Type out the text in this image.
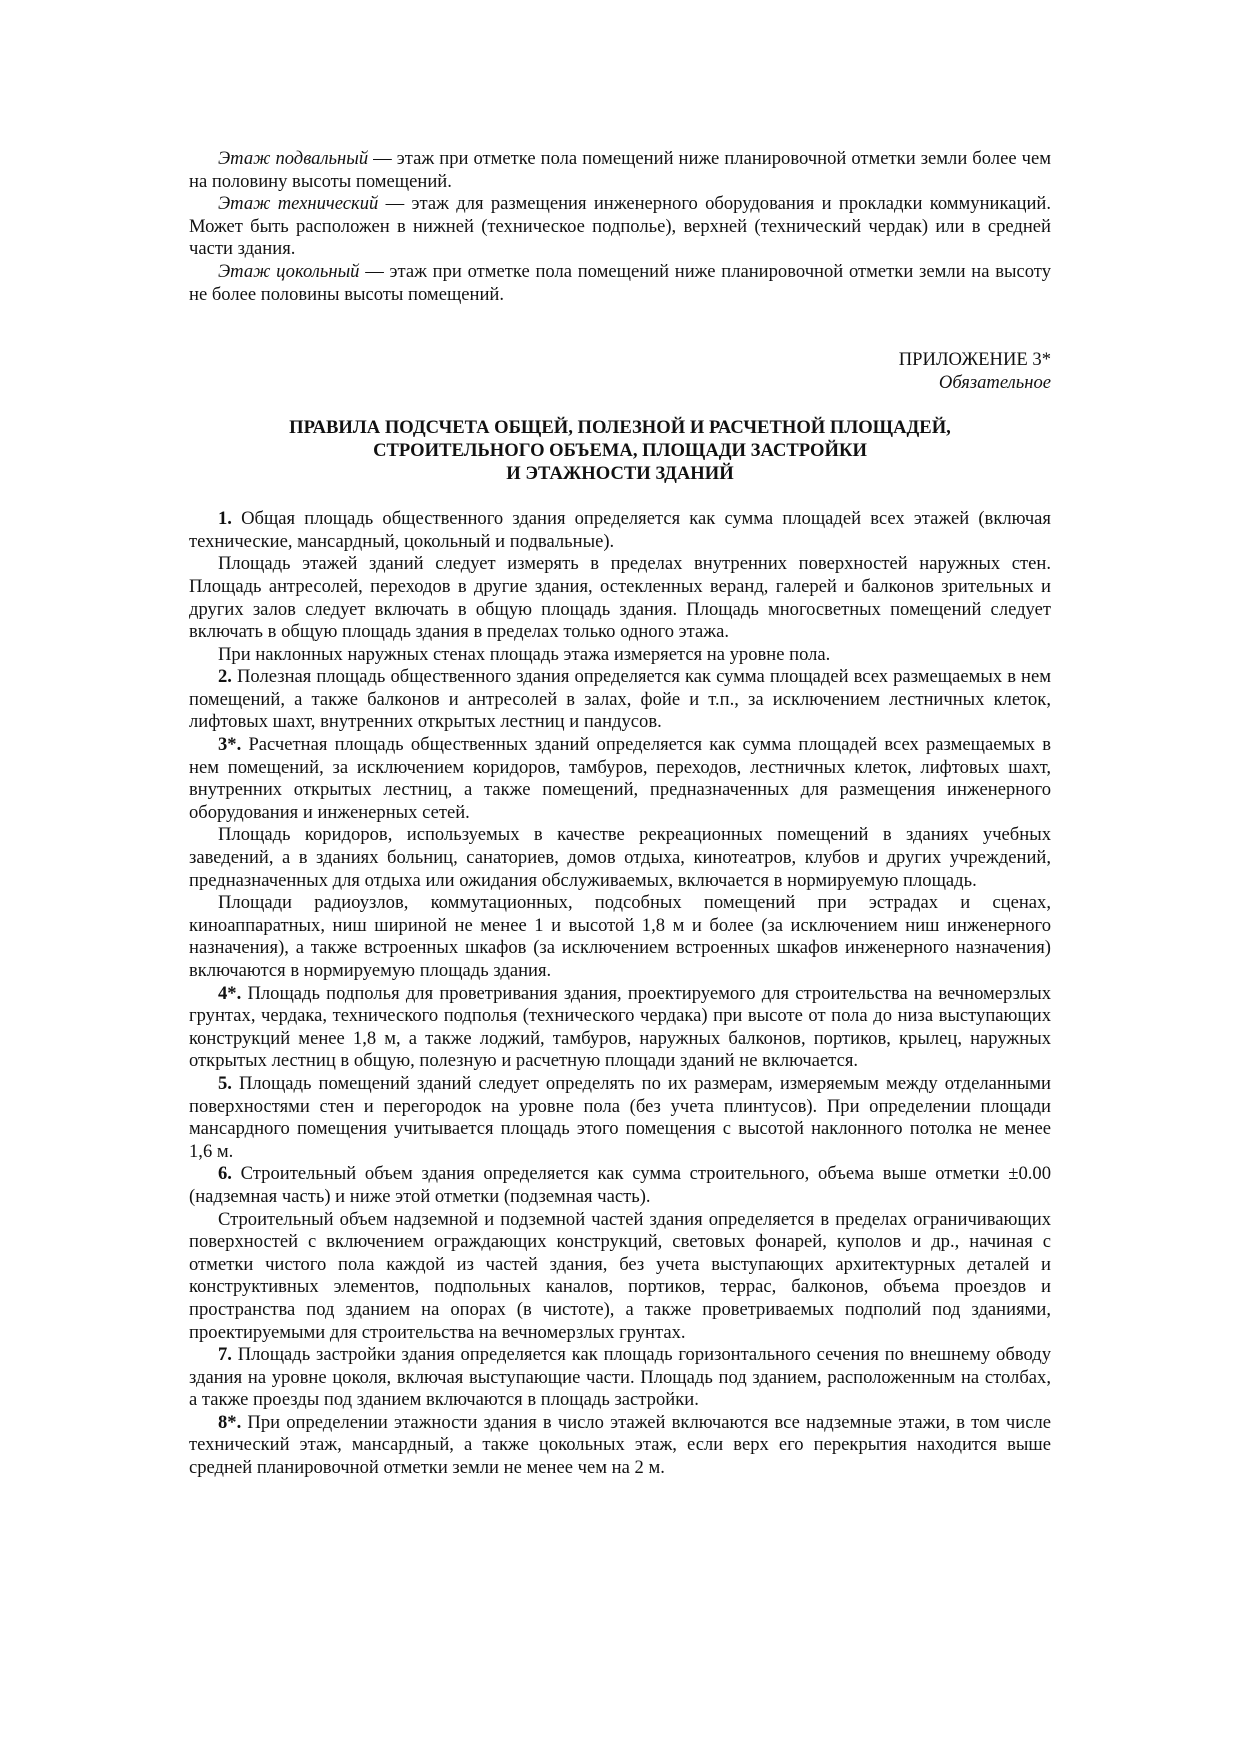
Этаж подвальный — этаж при отметке пола помещений ниже планировочной отметки земли более чем на половину высоты помещений.

Этаж технический — этаж для размещения инженерного оборудования и прокладки коммуникаций. Может быть расположен в нижней (техническое подполье), верхней (технический чердак) или в средней части здания.

Этаж цокольный — этаж при отметке пола помещений ниже планировочной отметки земли на высоту не более половины высоты помещений.

ПРИЛОЖЕНИЕ 3*
Обязательное
ПРАВИЛА ПОДСЧЕТА ОБЩЕЙ, ПОЛЕЗНОЙ И РАСЧЕТНОЙ ПЛОЩАДЕЙ,
СТРОИТЕЛЬНОГО ОБЪЕМА, ПЛОЩАДИ ЗАСТРОЙКИ
И ЭТАЖНОСТИ ЗДАНИЙ

1. Общая площадь общественного здания определяется как сумма площадей всех этажей (включая технические, мансардный, цокольный и подвальные).

Площадь этажей зданий следует измерять в пределах внутренних поверхностей наружных стен. Площадь антресолей, переходов в другие здания, остекленных веранд, галерей и балконов зрительных и других залов следует включать в общую площадь здания. Площадь многосветных помещений следует включать в общую площадь здания в пределах только одного этажа.

При наклонных наружных стенах площадь этажа измеряется на уровне пола.

2. Полезная площадь общественного здания определяется как сумма площадей всех размещаемых в нем помещений, а также балконов и антресолей в залах, фойе и т.п., за исключением лестничных клеток, лифтовых шахт, внутренних открытых лестниц и пандусов.

3*. Расчетная площадь общественных зданий определяется как сумма площадей всех размещаемых в нем помещений, за исключением коридоров, тамбуров, переходов, лестничных клеток, лифтовых шахт, внутренних открытых лестниц, а также помещений, предназначенных для размещения инженерного оборудования и инженерных сетей.

Площадь коридоров, используемых в качестве рекреационных помещений в зданиях учебных заведений, а в зданиях больниц, санаториев, домов отдыха, кинотеатров, клубов и других учреждений, предназначенных для отдыха или ожидания обслуживаемых, включается в нормируемую площадь.

Площади радиоузлов, коммутационных, подсобных помещений при эстрадах и сценах, киноаппаратных, ниш шириной не менее 1 и высотой 1,8 м и более (за исключением ниш инженерного назначения), а также встроенных шкафов (за исключением встроенных шкафов инженерного назначения) включаются в нормируемую площадь здания.

4*. Площадь подполья для проветривания здания, проектируемого для строительства на вечномерзлых грунтах, чердака, технического подполья (технического чердака) при высоте от пола до низа выступающих конструкций менее 1,8 м, а также лоджий, тамбуров, наружных балконов, портиков, крылец, наружных открытых лестниц в общую, полезную и расчетную площади зданий не включается.

5. Площадь помещений зданий следует определять по их размерам, измеряемым между отделанными поверхностями стен и перегородок на уровне пола (без учета плинтусов). При определении площади мансардного помещения учитывается площадь этого помещения с высотой наклонного потолка не менее 1,6 м.

6. Строительный объем здания определяется как сумма строительного, объема выше отметки ±0.00 (надземная часть) и ниже этой отметки (подземная часть).

Строительный объем надземной и подземной частей здания определяется в пределах ограничивающих поверхностей с включением ограждающих конструкций, световых фонарей, куполов и др., начиная с отметки чистого пола каждой из частей здания, без учета выступающих архитектурных деталей и конструктивных элементов, подпольных каналов, портиков, террас, балконов, объема проездов и пространства под зданием на опорах (в чистоте), а также проветриваемых подполий под зданиями, проектируемыми для строительства на вечномерзлых грунтах.

7. Площадь застройки здания определяется как площадь горизонтального сечения по внешнему обводу здания на уровне цоколя, включая выступающие части. Площадь под зданием, расположенным на столбах, а также проезды под зданием включаются в площадь застройки.

8*. При определении этажности здания в число этажей включаются все надземные этажи, в том числе технический этаж, мансардный, а также цокольных этаж, если верх его перекрытия находится выше средней планировочной отметки земли не менее чем на 2 м.
